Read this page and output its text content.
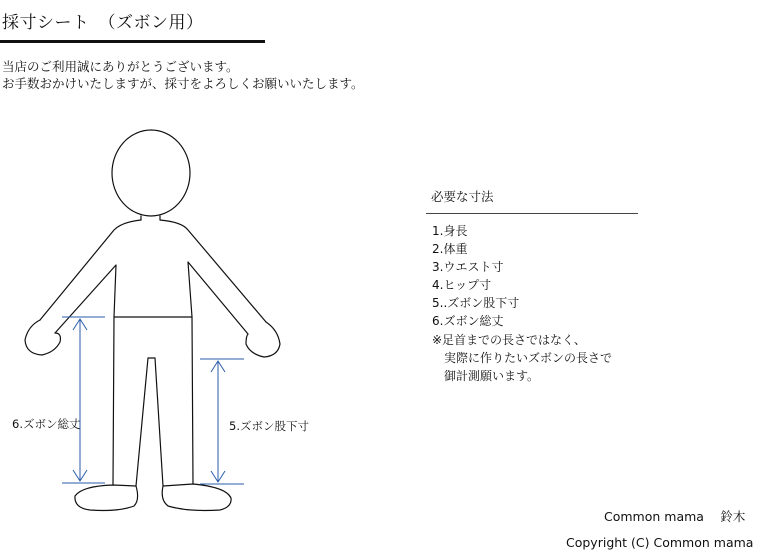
採寸シート　（ズボン用）
当店のご利用誠にありがとうございます。
お手数おかけいたしますが、採寸をよろしくお願いいたします。
6.ズボン総丈	5.ズボン股下寸
必要な寸法
1.身長
2.体重
3.ウエスト寸
4.ヒップ寸
5..ズボン股下寸
6.ズボン総丈
※足首までの長さではなく、
実際に作りたいズボンの長さで
御計測願います。
Common mama　 鈴木
Copyright (C) Common mama
